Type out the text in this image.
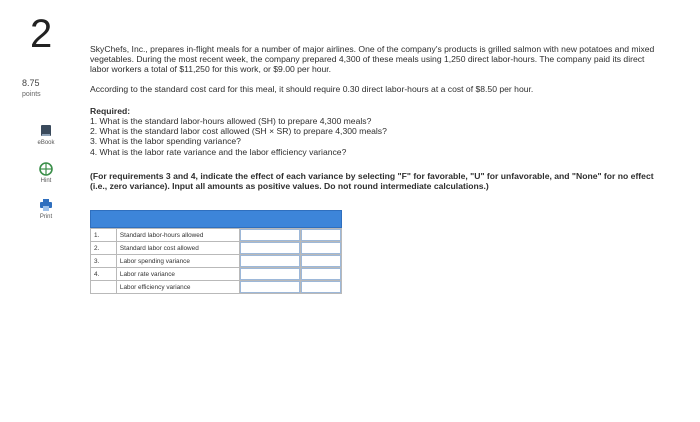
2
8.75
points
eBook
Hint
Print

SkyChefs, Inc., prepares in-flight meals for a number of major airlines. One of the company's products is grilled salmon with new potatoes and mixed vegetables. During the most recent week, the company prepared 4,300 of these meals using 1,250 direct labor-hours. The company paid its direct labor workers a total of $11,250 for this work, or $9.00 per hour.

According to the standard cost card for this meal, it should require 0.30 direct labor-hours at a cost of $8.50 per hour.

Required:

1. What is the standard labor-hours allowed (SH) to prepare 4,300 meals?

2. What is the standard labor cost allowed (SH × SR) to prepare 4,300 meals?

3. What is the labor spending variance?

4. What is the labor rate variance and the labor efficiency variance?

(For requirements 3 and 4, indicate the effect of each variance by selecting "F" for favorable, "U" for unfavorable, and "None" for no effect (i.e., zero variance). Input all amounts as positive values. Do not round intermediate calculations.)

1.	Standard labor-hours allowed	

2.	Standard labor cost allowed	

3.	Labor spending variance	

4.	Labor rate variance	

	Labor efficiency variance	
